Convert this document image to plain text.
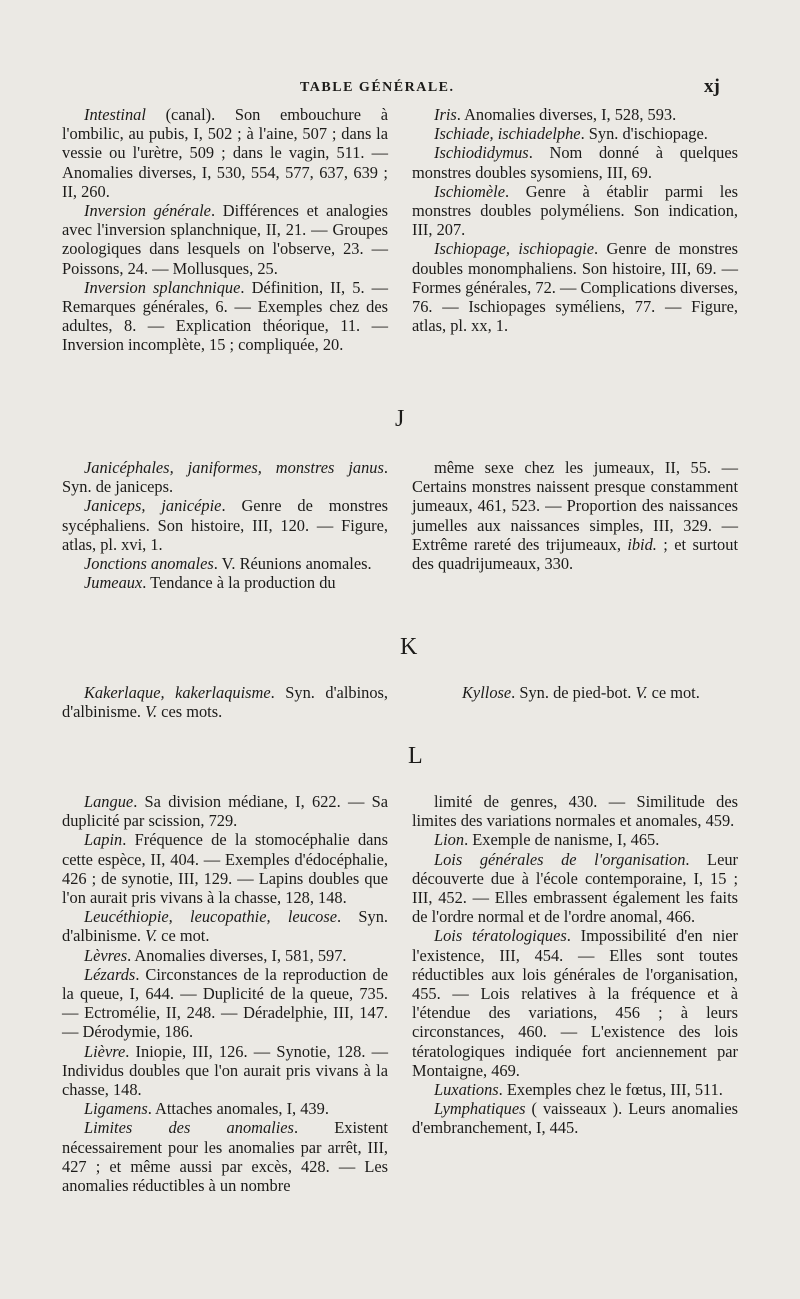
TABLE GÉNÉRALE.	xj

Intestinal (canal). Son embouchure à l'ombilic, au pubis, I, 502 ; à l'aine, 507 ; dans la vessie ou l'urètre, 509 ; dans le vagin, 511. — Anomalies diverses, I, 530, 554, 577, 637, 639 ; II, 260.

Inversion générale. Différences et analogies avec l'inversion splanchnique, II, 21. — Groupes zoologiques dans lesquels on l'observe, 23. — Poissons, 24. — Mollusques, 25.

Inversion splanchnique. Définition, II, 5. — Remarques générales, 6. — Exemples chez des adultes, 8. — Explication théorique, 11. — Inversion incomplète, 15 ; compliquée, 20.

Iris. Anomalies diverses, I, 528, 593.

Ischiade, ischiadelphe. Syn. d'ischiopage.

Ischiodidymus. Nom donné à quelques monstres doubles sysomiens, III, 69.

Ischiomèle. Genre à établir parmi les monstres doubles polyméliens. Son indication, III, 207.

Ischiopage, ischiopagie. Genre de monstres doubles monomphaliens. Son histoire, III, 69. — Formes générales, 72. — Complications diverses, 76. — Ischiopages syméliens, 77. — Figure, atlas, pl. xx, 1.

J

Janicéphales, janiformes, monstres janus. Syn. de janiceps.

Janiceps, janicépie. Genre de monstres sycéphaliens. Son histoire, III, 120. — Figure, atlas, pl. xvi, 1.

Jonctions anomales. V. Réunions anomales.

Jumeaux. Tendance à la production du

même sexe chez les jumeaux, II, 55. — Certains monstres naissent presque constamment jumeaux, 461, 523. — Proportion des naissances jumelles aux naissances simples, III, 329. — Extrême rareté des trijumeaux, ibid. ; et surtout des quadrijumeaux, 330.

K

Kakerlaque, kakerlaquisme. Syn. d'albinos, d'albinisme. V. ces mots.

Kyllose. Syn. de pied-bot. V. ce mot.

L

Langue. Sa division médiane, I, 622. — Sa duplicité par scission, 729.

Lapin. Fréquence de la stomocéphalie dans cette espèce, II, 404. — Exemples d'édocéphalie, 426 ; de synotie, III, 129. — Lapins doubles que l'on aurait pris vivans à la chasse, 128, 148.

Leucéthiopie, leucopathie, leucose. Syn. d'albinisme. V. ce mot.

Lèvres. Anomalies diverses, I, 581, 597.

Lézards. Circonstances de la reproduction de la queue, I, 644. — Duplicité de la queue, 735. — Ectromélie, II, 248. — Déradelphie, III, 147. — Dérodymie, 186.

Lièvre. Iniopie, III, 126. — Synotie, 128. — Individus doubles que l'on aurait pris vivans à la chasse, 148.

Ligamens. Attaches anomales, I, 439.

Limites des anomalies. Existent nécessairement pour les anomalies par arrêt, III, 427 ; et même aussi par excès, 428. — Les anomalies réductibles à un nombre

limité de genres, 430. — Similitude des limites des variations normales et anomales, 459.

Lion. Exemple de nanisme, I, 465.

Lois générales de l'organisation. Leur découverte due à l'école contemporaine, I, 15 ; III, 452. — Elles embrassent également les faits de l'ordre normal et de l'ordre anomal, 466.

Lois tératologiques. Impossibilité d'en nier l'existence, III, 454. — Elles sont toutes réductibles aux lois générales de l'organisation, 455. — Lois relatives à la fréquence et à l'étendue des variations, 456 ; à leurs circonstances, 460. — L'existence des lois tératologiques indiquée fort anciennement par Montaigne, 469.

Luxations. Exemples chez le fœtus, III, 511.

Lymphatiques ( vaisseaux ). Leurs anomalies d'embranchement, I, 445.
